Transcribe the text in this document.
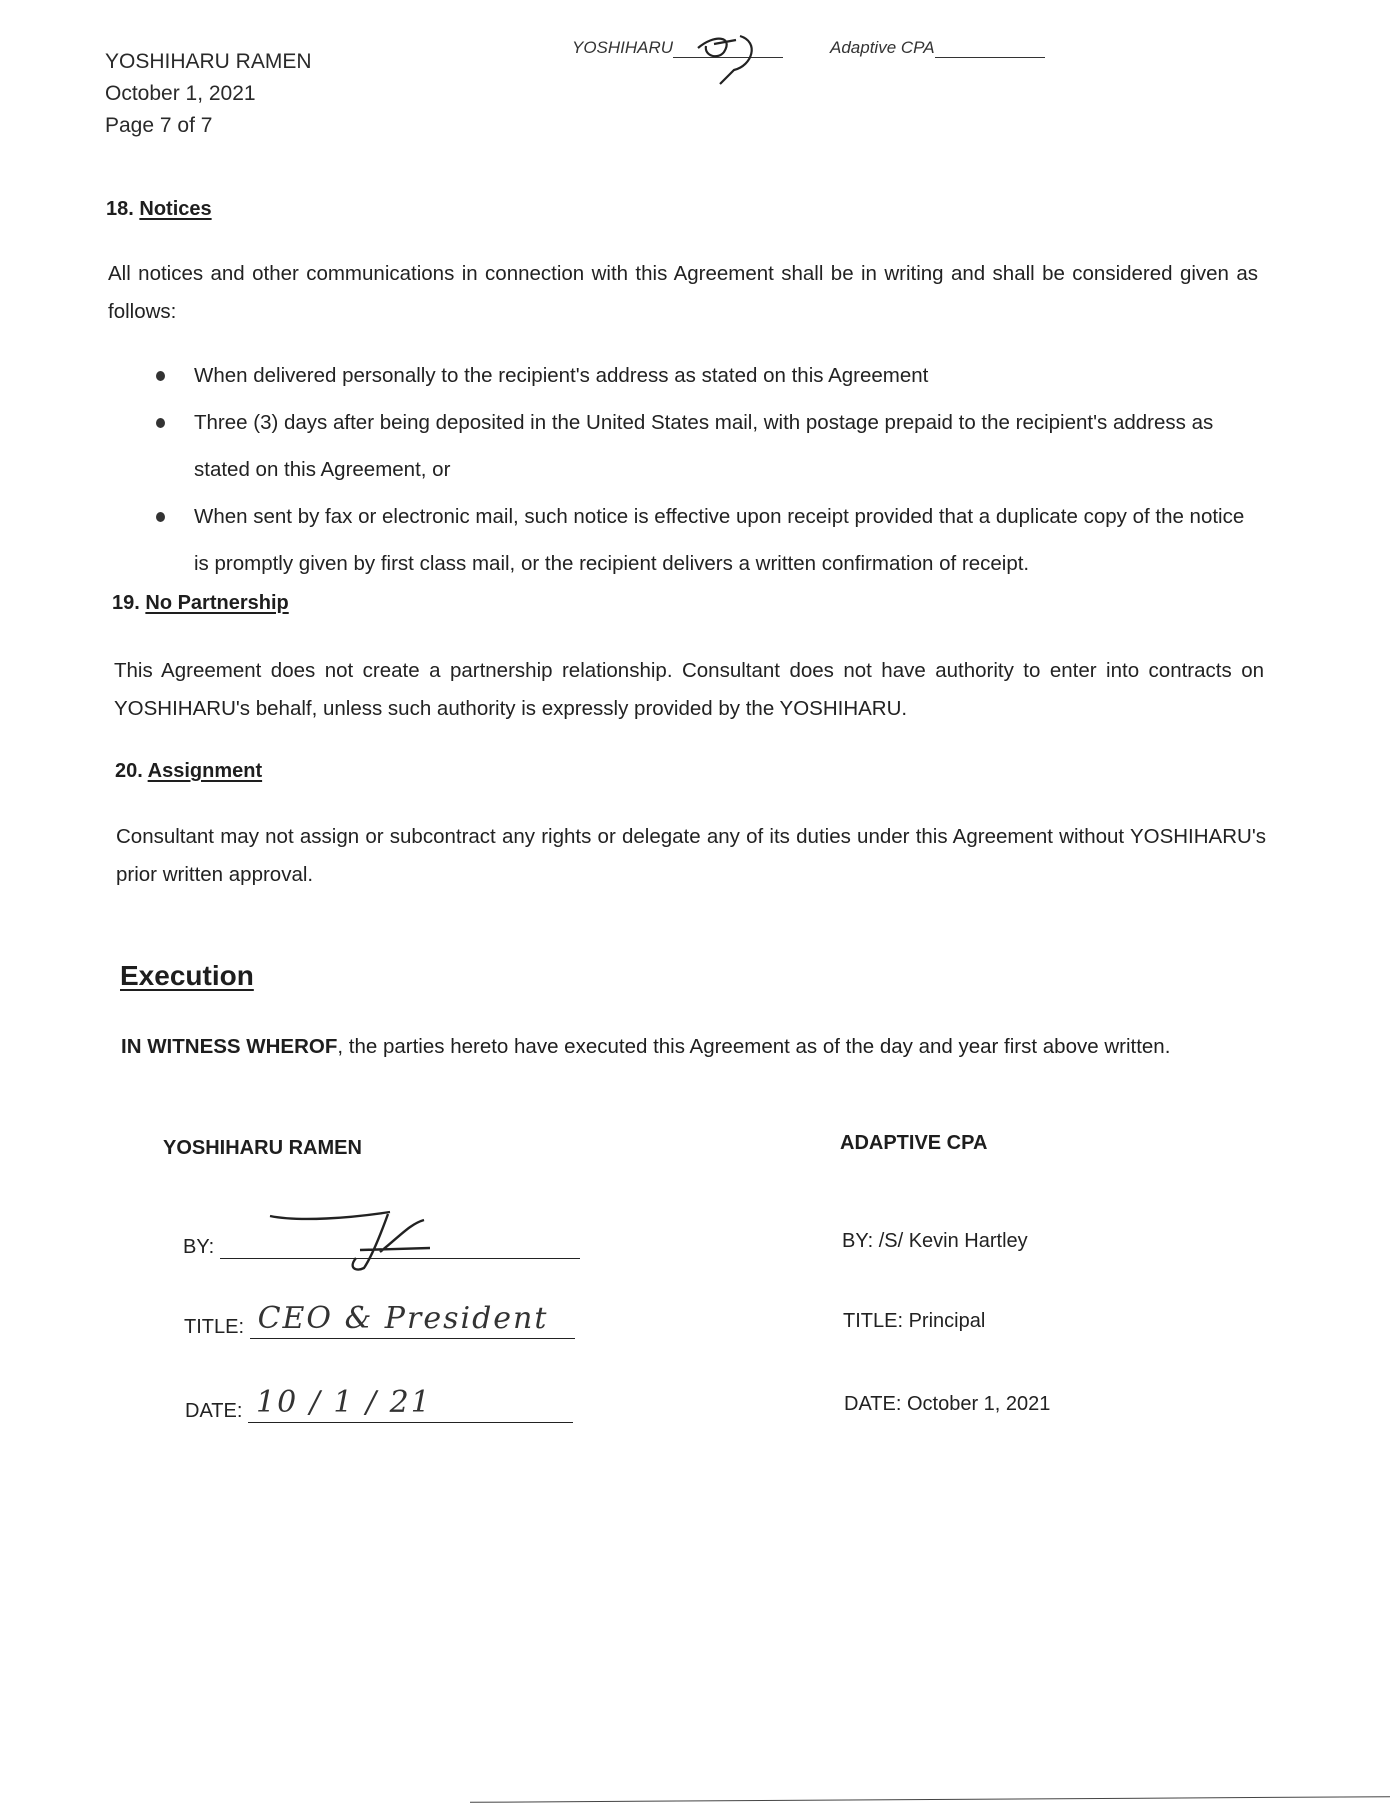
YOSHIHARU RAMEN
October 1, 2021
Page 7 of 7
YOSHIHARU	Adaptive CPA
18. Notices
All notices and other communications in connection with this Agreement shall be in writing and shall be considered given as follows:
When delivered personally to the recipient's address as stated on this Agreement
Three (3) days after being deposited in the United States mail, with postage prepaid to the recipient's address as stated on this Agreement, or
When sent by fax or electronic mail, such notice is effective upon receipt provided that a duplicate copy of the notice is promptly given by first class mail, or the recipient delivers a written confirmation of receipt.
19. No Partnership
This Agreement does not create a partnership relationship. Consultant does not have authority to enter into contracts on YOSHIHARU's behalf, unless such authority is expressly provided by the YOSHIHARU.
20. Assignment
Consultant may not assign or subcontract any rights or delegate any of its duties under this Agreement without YOSHIHARU's prior written approval.
Execution
IN WITNESS WHEROF, the parties hereto have executed this Agreement as of the day and year first above written.
YOSHIHARU RAMEN
BY:
TITLE: CEO & President
DATE: 10 / 1 / 21
ADAPTIVE CPA
BY: /S/ Kevin Hartley
TITLE: Principal
DATE: October 1, 2021
